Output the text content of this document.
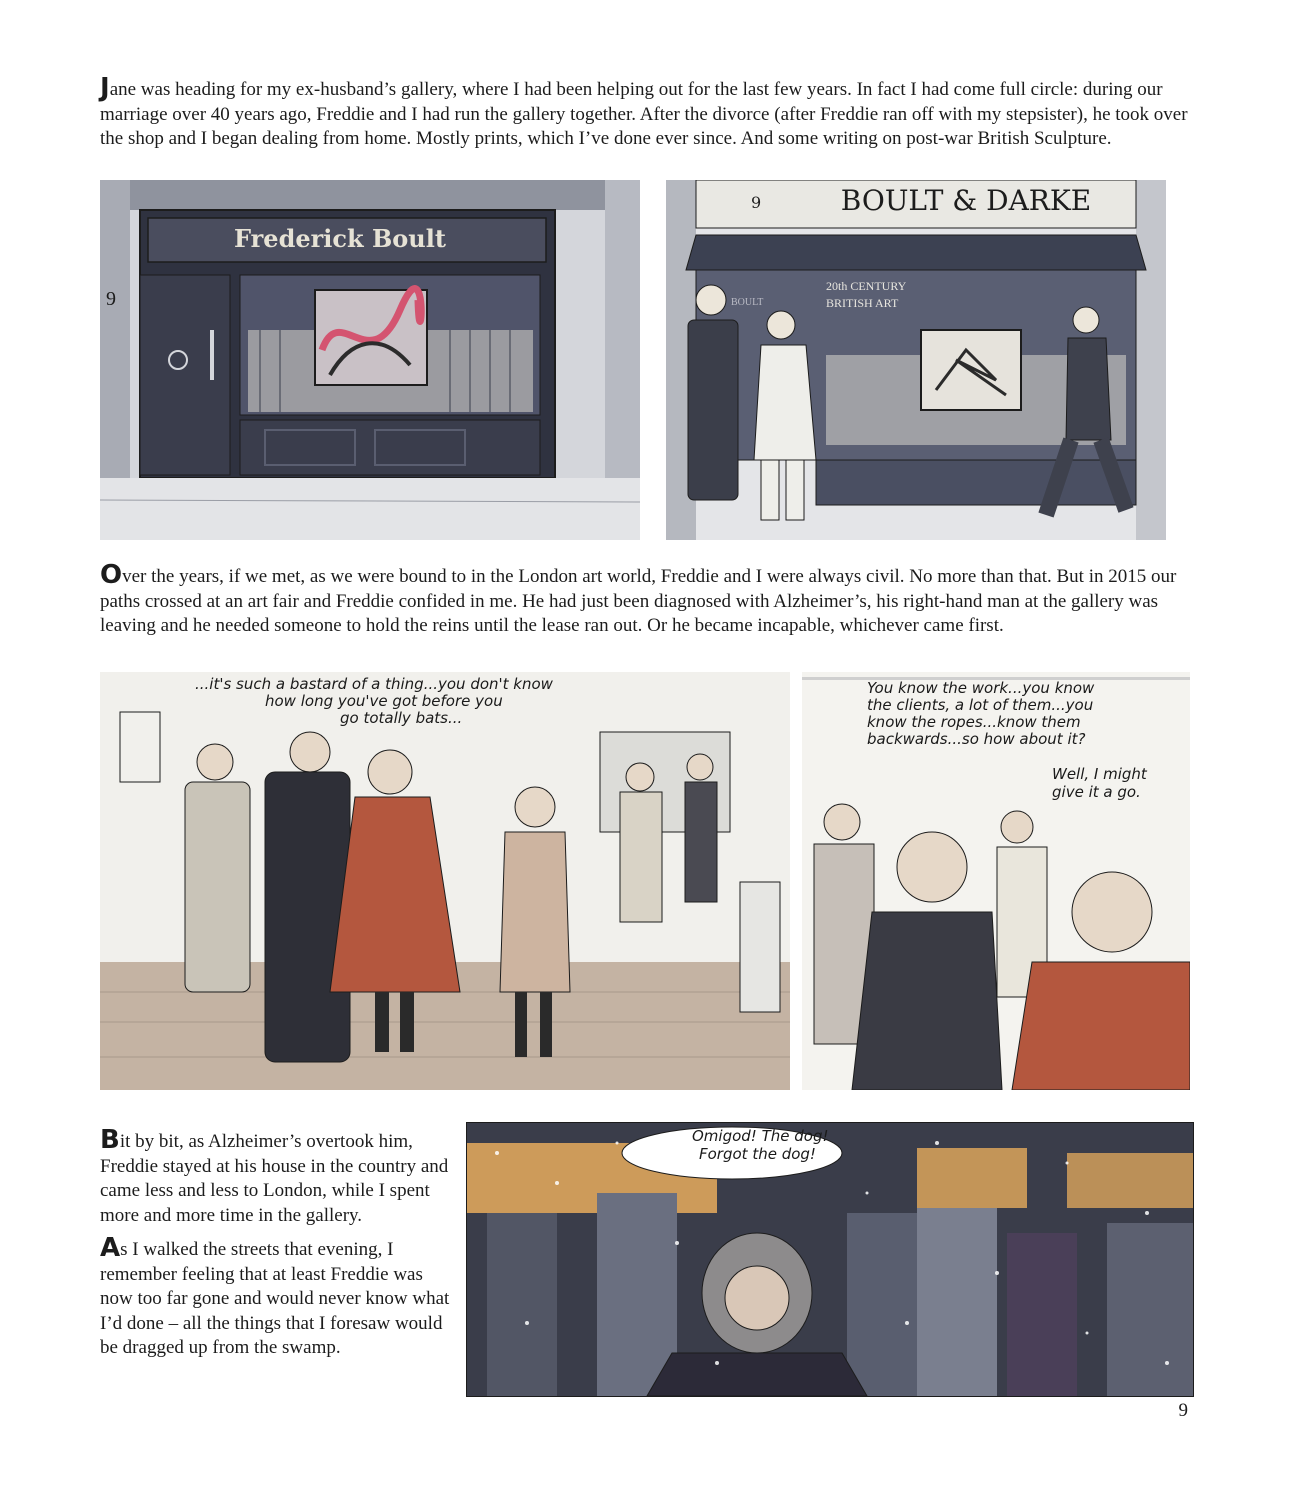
Jane was heading for my ex-husband’s gallery, where I had been helping out for the last few years. In fact I had come full circle: during our marriage over 40 years ago, Freddie and I had run the gallery together. After the divorce (after Freddie ran off with my stepsister), he took over the shop and I began dealing from home. Mostly prints, which I’ve done ever since. And some writing on post-war British Sculpture.

Frederick Boult
9
9	BOULT & DARKE
20th CENTURY
BRITISH ART
BOULT

Over the years, if we met, as we were bound to in the London art world, Freddie and I were always civil. No more than that. But in 2015 our paths crossed at an art fair and Freddie confided in me. He had just been diagnosed with Alzheimer’s, his right-hand man at the gallery was leaving and he needed someone to hold the reins until the lease ran out. Or he became incapable, whichever came first.

...it's such a bastard of a thing...you don't know

how long you've got before you

go totally bats...

You know the work...you know

the clients, a lot of them...you

know the ropes...know them

backwards...so how about it?

Well, I might

give it a go.

Bit by bit, as Alzheimer’s overtook him, Freddie stayed at his house in the country and came less and less to London, while I spent more and more time in the gallery.

As I walked the streets that evening, I remember feeling that at least Freddie was now too far gone and would never know what I’d done – all the things that I foresaw would be dragged up from the swamp.

Omigod! The dog!

Forgot the dog!

9
